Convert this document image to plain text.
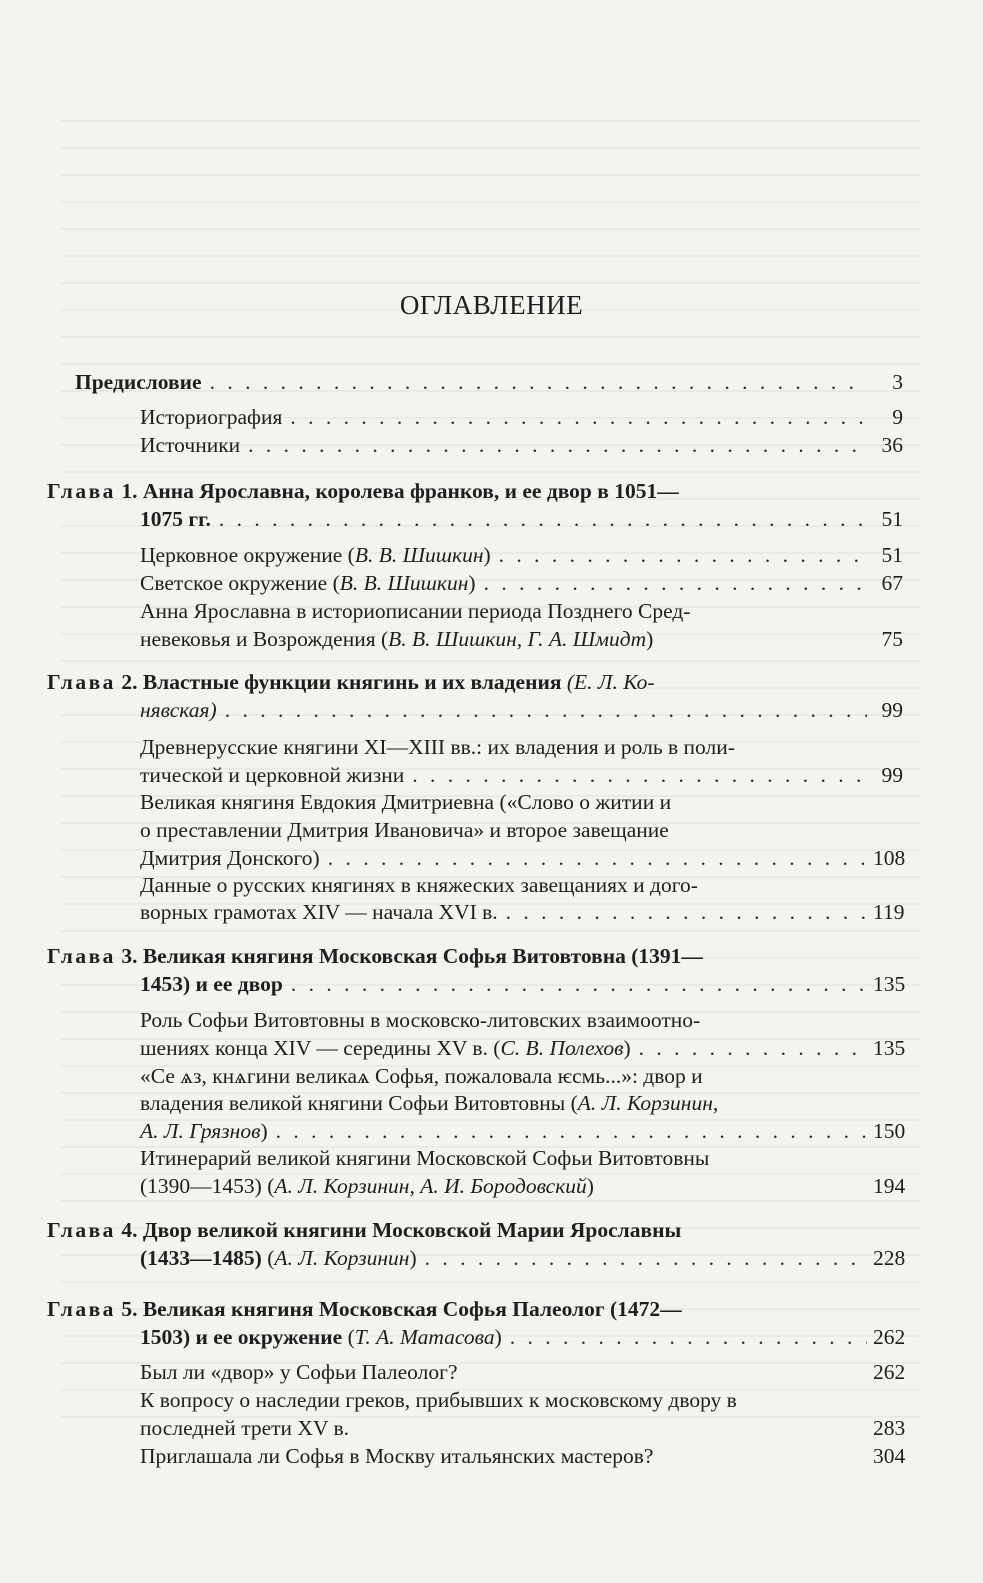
ОГЛАВЛЕНИЕ
Предисловие . . .	3
Историография . . .	9
Источники . . .	36
Глава 1. Анна Ярославна, королева франков, и ее двор в 1051—
1075 гг. . . .	51
Церковное окружение (В. В. Шишкин) . . .	51
Светское окружение (В. В. Шишкин) . . .	67
Анна Ярославна в историописании периода Позднего Сред-
невековья и Возрождения (В. В. Шишкин, Г. А. Шмидт)	75
Глава 2. Властные функции княгинь и их владения (Е. Л. Ко-
нявская) . . .	99
Древнерусские княгини XI—XIII вв.: их владения и роль в поли-
тической и церковной жизни . . .	99
Великая княгиня Евдокия Дмитриевна («Слово о житии и
о преставлении Дмитрия Ивановича» и второе завещание
Дмитрия Донского) . . .	108
Данные о русских княгинях в княжеских завещаниях и дого-
ворных грамотах XIV — начала XVI в. . . .	119
Глава 3. Великая княгиня Московская Софья Витовтовна (1391—
1453) и ее двор . . .	135
Роль Софьи Витовтовны в московско-литовских взаимоотно-
шениях конца XIV — середины XV в. (С. В. Полехов) . . .	135
«Се ѧз, кнѧгини великаѧ Софья, пожаловала ѥсмь...»: двор и
владения великой княгини Софьи Витовтовны (А. Л. Корзинин,
А. Л. Грязнов) . . .	150
Итинерарий великой княгини Московской Софьи Витовтовны
(1390—1453) (А. Л. Корзинин, А. И. Бородовский)	194
Глава 4. Двор великой княгини Московской Марии Ярославны
(1433—1485) (А. Л. Корзинин) . . .	228
Глава 5. Великая княгиня Московская Софья Палеолог (1472—
1503) и ее окружение (Т. А. Матасова) . . .	262
Был ли «двор» у Софьи Палеолог?	262
К вопросу о наследии греков, прибывших к московскому двору в
последней трети XV в.	283
Приглашала ли Софья в Москву итальянских мастеров?	304
